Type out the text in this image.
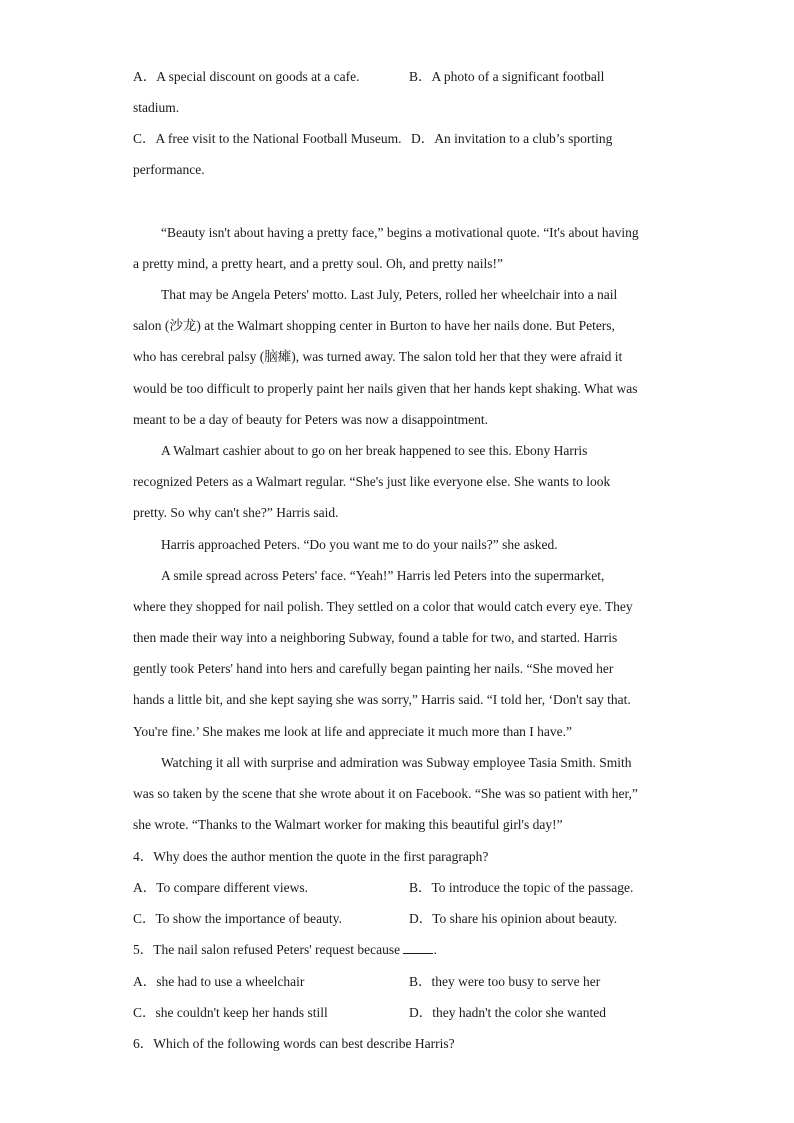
A．A special discount on goods at a cafe.	B．A photo of a significant football
stadium.
C．A free visit to the National Football Museum. D．An invitation to a club’s sporting
performance.
“Beauty isn't about having a pretty face,” begins a motivational quote. “It's about having
a pretty mind, a pretty heart, and a pretty soul. Oh, and pretty nails!”
That may be Angela Peters' motto. Last July, Peters, rolled her wheelchair into a nail
salon (沙龙) at the Walmart shopping center in Burton to have her nails done. But Peters,
who has cerebral palsy (脑瘫), was turned away. The salon told her that they were afraid it
would be too difficult to properly paint her nails given that her hands kept shaking. What was
meant to be a day of beauty for Peters was now a disappointment.
A Walmart cashier about to go on her break happened to see this. Ebony Harris
recognized Peters as a Walmart regular. “She's just like everyone else. She wants to look
pretty. So why can't she?” Harris said.
Harris approached Peters. “Do you want me to do your nails?” she asked.
A smile spread across Peters' face. “Yeah!” Harris led Peters into the supermarket,
where they shopped for nail polish. They settled on a color that would catch every eye. They
then made their way into a neighboring Subway, found a table for two, and started. Harris
gently took Peters' hand into hers and carefully began painting her nails. “She moved her
hands a little bit, and she kept saying she was sorry,” Harris said. “I told her, ‘Don't say that.
You're fine.’ She makes me look at life and appreciate it much more than I have.”
Watching it all with surprise and admiration was Subway employee Tasia Smith. Smith
was so taken by the scene that she wrote about it on Facebook. “She was so patient with her,”
she wrote. “Thanks to the Walmart worker for making this beautiful girl's day!”
4．Why does the author mention the quote in the first paragraph?
A．To compare different views.	B．To introduce the topic of the passage.
C．To show the importance of beauty.	D．To share his opinion about beauty.
5．The nail salon refused Peters' request because .
A．she had to use a wheelchair	B．they were too busy to serve her
C．she couldn't keep her hands still	D．they hadn't the color she wanted
6．Which of the following words can best describe Harris?
